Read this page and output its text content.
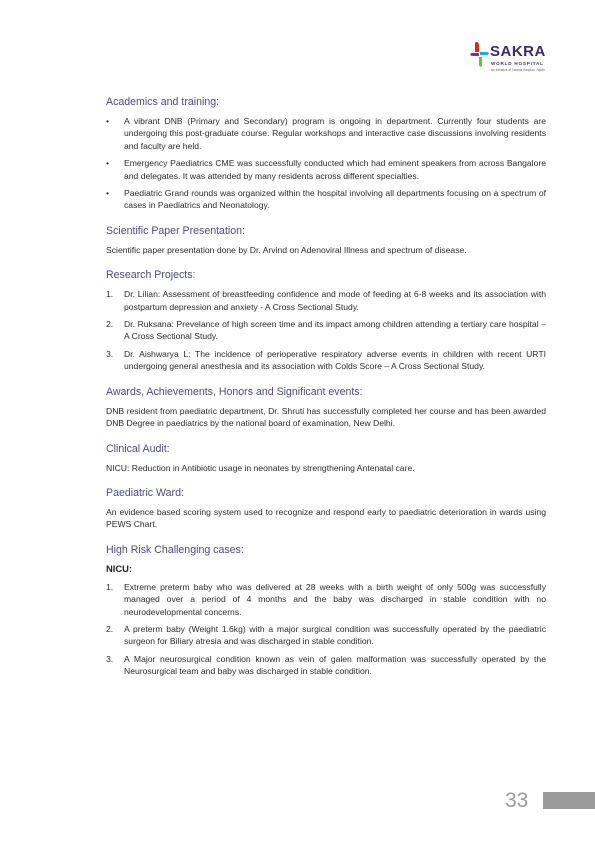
SAKRA
WORLD HOSPITAL
An Initiative of Takeda Hospital, Japan
Academics and training:
• A vibrant DNB (Primary and Secondary) program is ongoing in department. Currently four students are undergoing this post-graduate course. Regular workshops and interactive case discussions involving residents and faculty are held.
• Emergency Paediatrics CME was successfully conducted which had eminent speakers from across Bangalore and delegates. It was attended by many residents across different specialties.
• Paediatric Grand rounds was organized within the hospital involving all departments focusing on a spectrum of cases in Paediatrics and Neonatology.
Scientific Paper Presentation:

Scientific paper presentation done by Dr. Arvind on Adenoviral Illness and spectrum of disease.

Research Projects:
1. Dr. Lilian: Assessment of breastfeeding confidence and mode of feeding at 6-8 weeks and its association with postpartum depression and anxiety - A Cross Sectional Study.
2. Dr. Ruksana: Prevelance of high screen time and its impact among children attending a tertiary care hospital – A Cross Sectional Study.
3. Dr. Aishwarya L: The incidence of perioperative respiratory adverse events in children with recent URTI undergoing general anesthesia and its association with Colds Score – A Cross Sectional Study.
Awards, Achievements, Honors and Significant events:

DNB resident from paediatric department, Dr. Shruti has successfully completed her course and has been awarded DNB Degree in paediatrics by the national board of examination, New Delhi.

Clinical Audit:

NICU: Reduction in Antibiotic usage in neonates by strengthening Antenatal care.

Paediatric Ward:

An evidence based scoring system used to recognize and respond early to paediatric deterioration in wards using PEWS Chart.

High Risk Challenging cases:
NICU:
1. Extreme preterm baby who was delivered at 28 weeks with a birth weight of only 500g was successfully managed over a period of 4 months and the baby was discharged in stable condition with no neurodevelopmental concerns.
2. A preterm baby (Weight 1.6kg) with a major surgical condition was successfully operated by the paediatric surgeon for Biliary atresia and was discharged in stable condition.
3. A Major neurosurgical condition known as vein of galen malformation was successfully operated by the Neurosurgical team and baby was discharged in stable condition.
33
